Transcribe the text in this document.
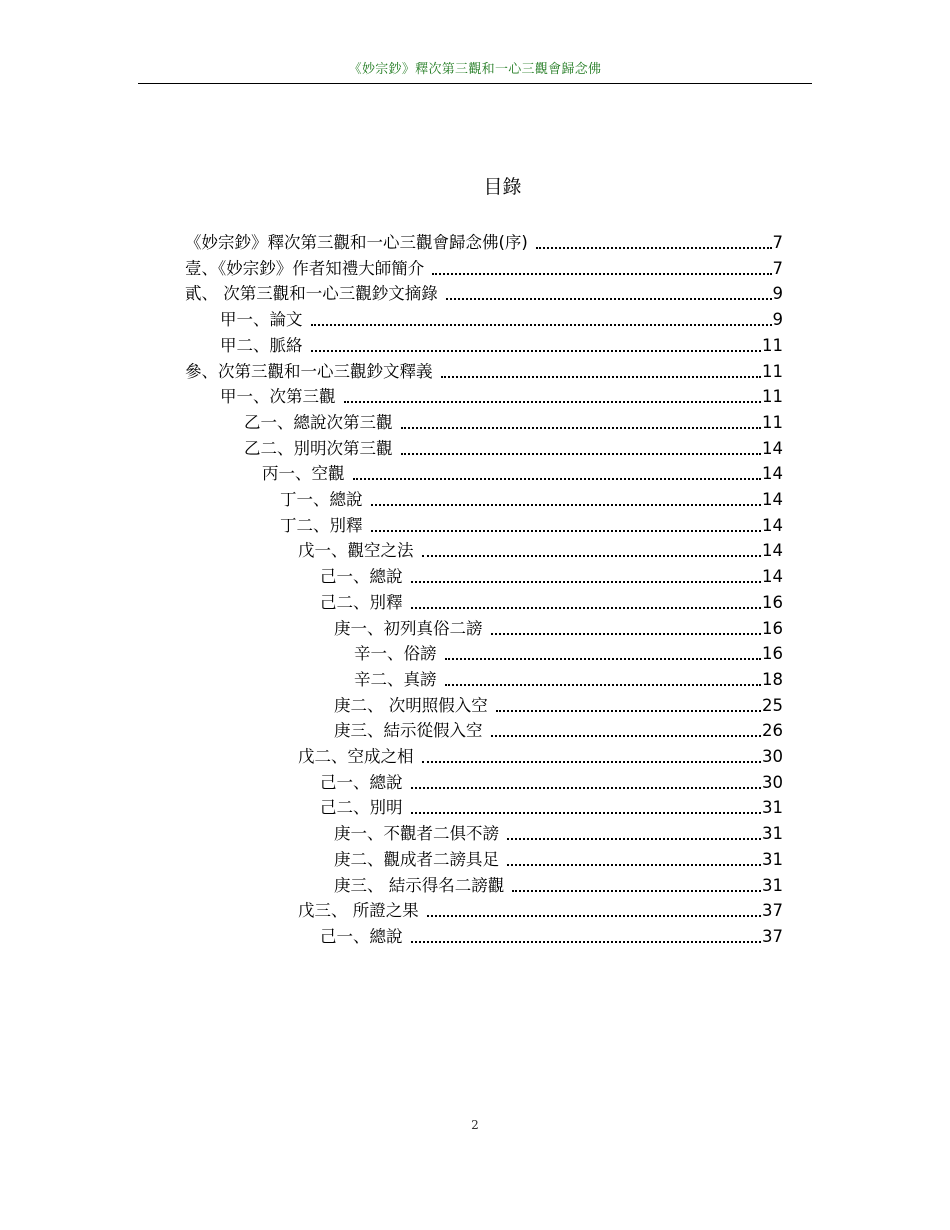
《妙宗鈔》釋次第三觀和一心三觀會歸念佛
目錄
《妙宗鈔》釋次第三觀和一心三觀會歸念佛(序)	7
壹、《妙宗鈔》作者知禮大師簡介	7
貳、 次第三觀和一心三觀鈔文摘錄	9
甲一、論文	9
甲二、脈絡	11
參、次第三觀和一心三觀鈔文釋義	11
甲一、次第三觀	11
乙一、總說次第三觀	11
乙二、別明次第三觀	14
丙一、空觀	14
丁一、總說	14
丁二、別釋	14
戊一、觀空之法	14
己一、總說	14
己二、別釋	16
庚一、初列真俗二謗	16
辛一、俗謗	16
辛二、真謗	18
庚二、 次明照假入空	25
庚三、結示從假入空	26
戊二、空成之相	30
己一、總說	30
己二、別明	31
庚一、不觀者二俱不謗	31
庚二、觀成者二謗具足	31
庚三、 結示得名二謗觀	31
戊三、 所證之果	37
己一、總說	37
2
